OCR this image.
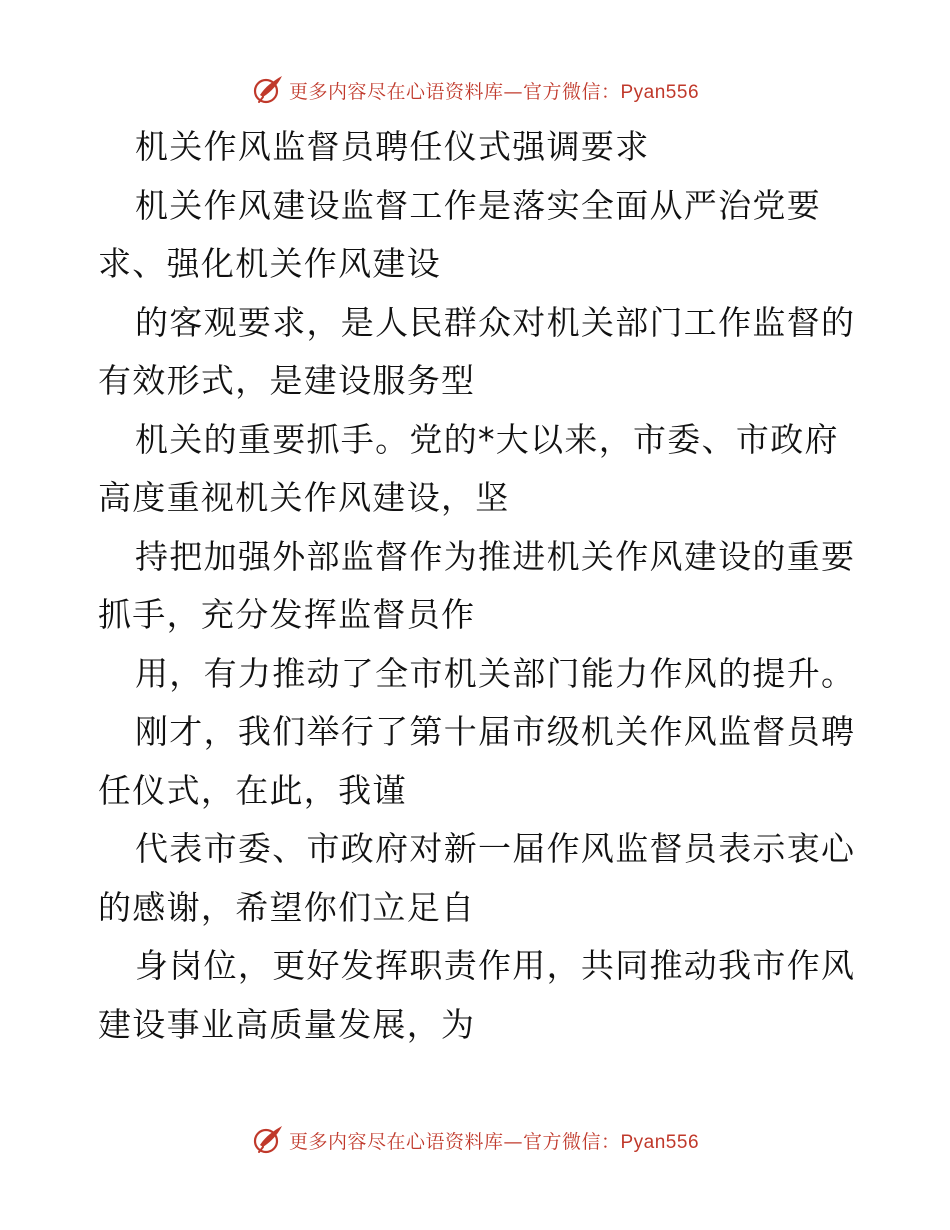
更多内容尽在心语资料库—官方微信：Pyan556
机关作风监督员聘任仪式强调要求
机关作风建设监督工作是落实全面从严治党要
求、强化机关作风建设
的客观要求，是人民群众对机关部门工作监督的
有效形式，是建设服务型
机关的重要抓手。党的*大以来，市委、市政府
高度重视机关作风建设，坚
持把加强外部监督作为推进机关作风建设的重要
抓手，充分发挥监督员作
用，有力推动了全市机关部门能力作风的提升。
刚才，我们举行了第十届市级机关作风监督员聘
任仪式，在此，我谨
代表市委、市政府对新一届作风监督员表示衷心
的感谢，希望你们立足自
身岗位，更好发挥职责作用，共同推动我市作风
建设事业高质量发展，为
更多内容尽在心语资料库—官方微信：Pyan556
